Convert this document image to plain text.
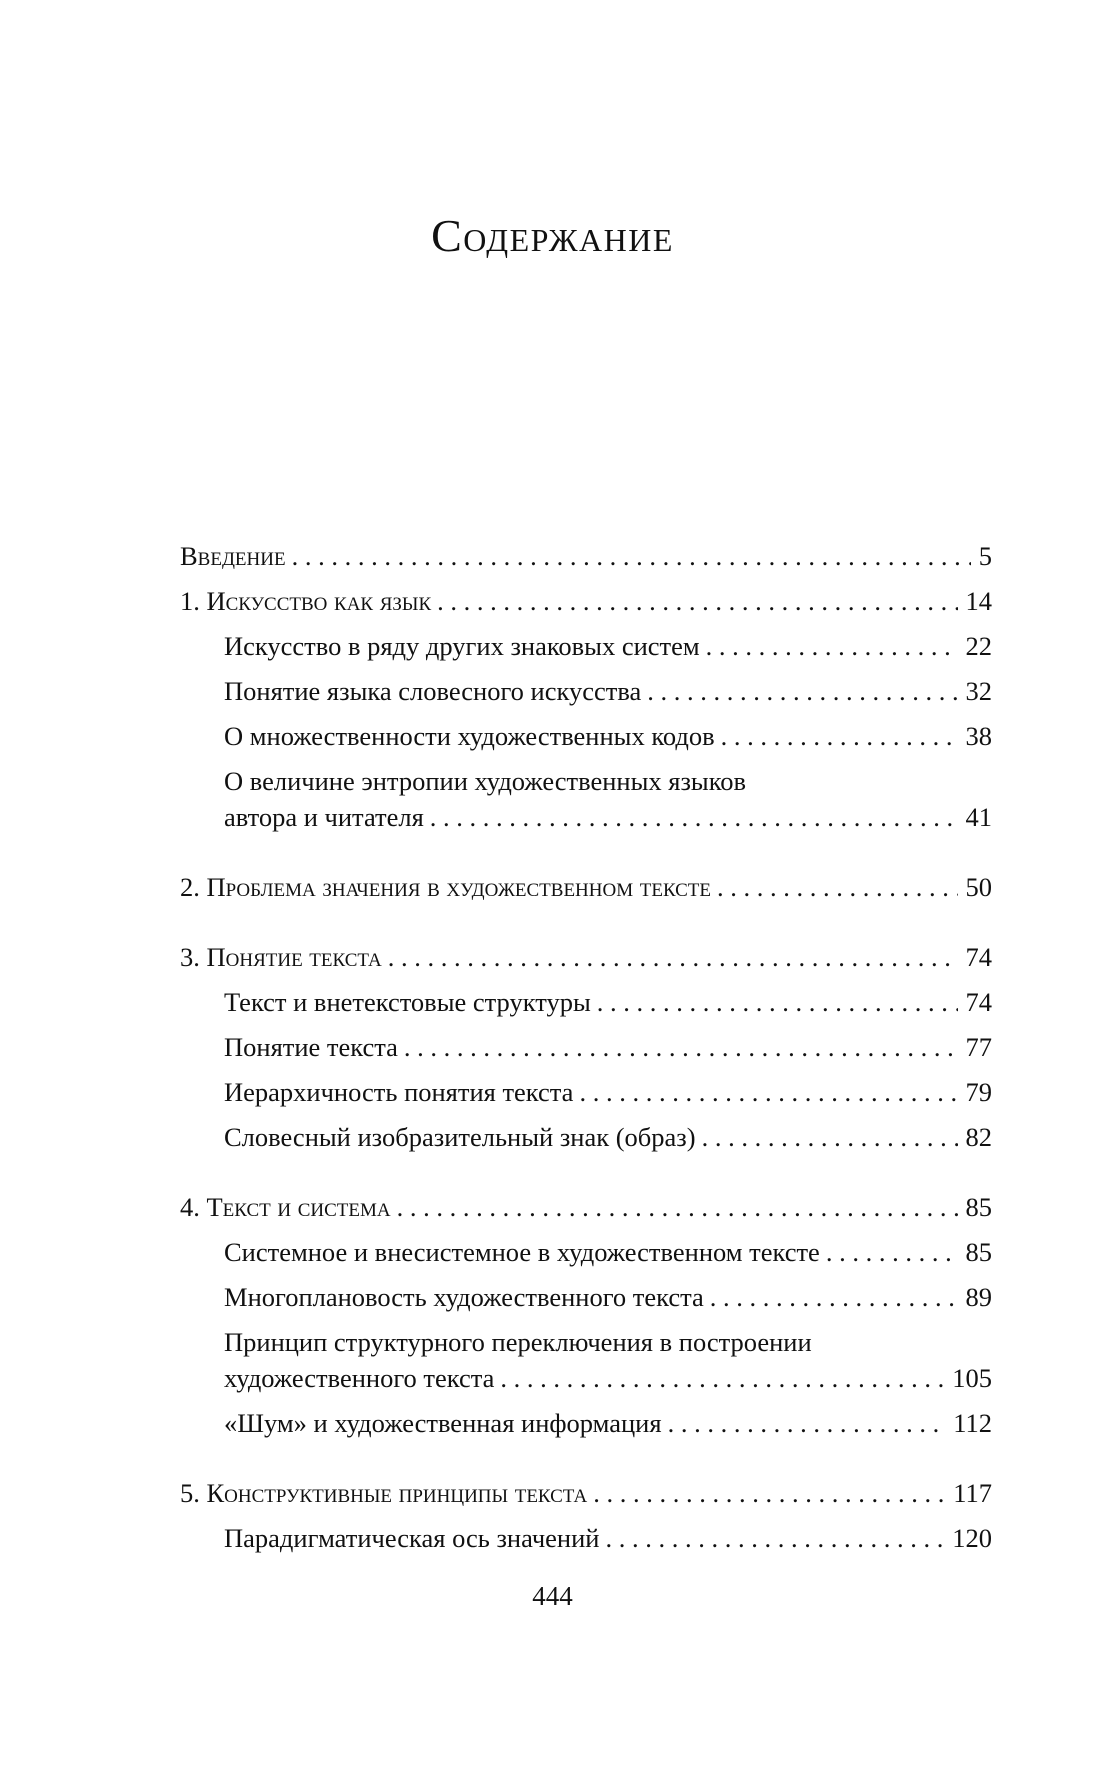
Содержание
Введение . . .	5
1. Искусство как язык . . .	14
Искусство в ряду других знаковых систем . . .	22
Понятие языка словесного искусства . . .	32
О множественности художественных кодов . . .	38
О величине энтропии художественных языков
автора и читателя . . .	41
2. Проблема значения в художественном тексте . . .	50
3. Понятие текста . . .	74
Текст и внетекстовые структуры . . .	74
Понятие текста . . .	77
Иерархичность понятия текста . . .	79
Словесный изобразительный знак (образ) . . .	82
4. Текст и система . . .	85
Системное и внесистемное в художественном тексте . . .	85
Многоплановость художественного текста . . .	89
Принцип структурного переключения в построении
художественного текста . . .	105
«Шум» и художественная информация . . .	112
5. Конструктивные принципы текста . . .	117
Парадигматическая ось значений . . .	120
444
